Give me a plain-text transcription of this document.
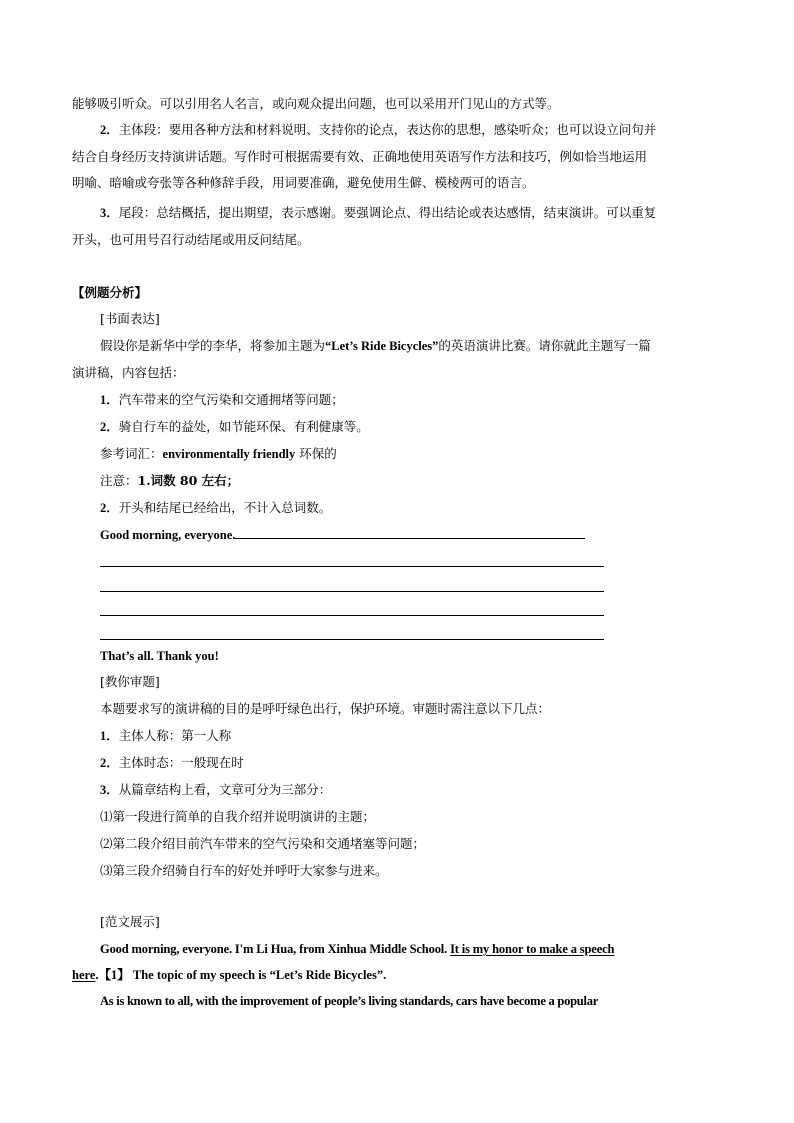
能够吸引听众。可以引用名人名言，或向观众提出问题，也可以采用开门见山的方式等。
2．主体段：要用各种方法和材料说明、支持你的论点，表达你的思想，感染听众；也可以设立问句并
结合自身经历支持演讲话题。写作时可根据需要有效、正确地使用英语写作方法和技巧，例如恰当地运用
明喻、暗喻或夸张等各种修辞手段，用词要准确，避免使用生僻、模棱两可的语言。
3．尾段：总结概括，提出期望，表示感谢。要强调论点、得出结论或表达感情，结束演讲。可以重复
开头，也可用号召行动结尾或用反问结尾。
【例题分析】
[书面表达]
假设你是新华中学的李华，将参加主题为“Let’s Ride Bicycles”的英语演讲比赛。请你就此主题写一篇
演讲稿，内容包括：
1．汽车带来的空气污染和交通拥堵等问题；
2．骑自行车的益处，如节能环保、有利健康等。
参考词汇：environmentally friendly 环保的
注意：1.词数 80 左右；
2．开头和结尾已经给出，不计入总词数。
Good morning, everyone.
That’s all. Thank you!
[教你审题]
本题要求写的演讲稿的目的是呼吁绿色出行，保护环境。审题时需注意以下几点：
1．主体人称：第一人称
2．主体时态：一般现在时
3．从篇章结构上看，文章可分为三部分：
⑴第一段进行简单的自我介绍并说明演讲的主题；
⑵第二段介绍目前汽车带来的空气污染和交通堵塞等问题；
⑶第三段介绍骑自行车的好处并呼吁大家参与进来。
[范文展示]
Good morning, everyone. I'm Li Hua, from Xinhua Middle School. It is my honor to make a speech
here.【1】 The topic of my speech is “Let’s Ride Bicycles”.
As is known to all, with the improvement of people’s living standards, cars have become a popular
